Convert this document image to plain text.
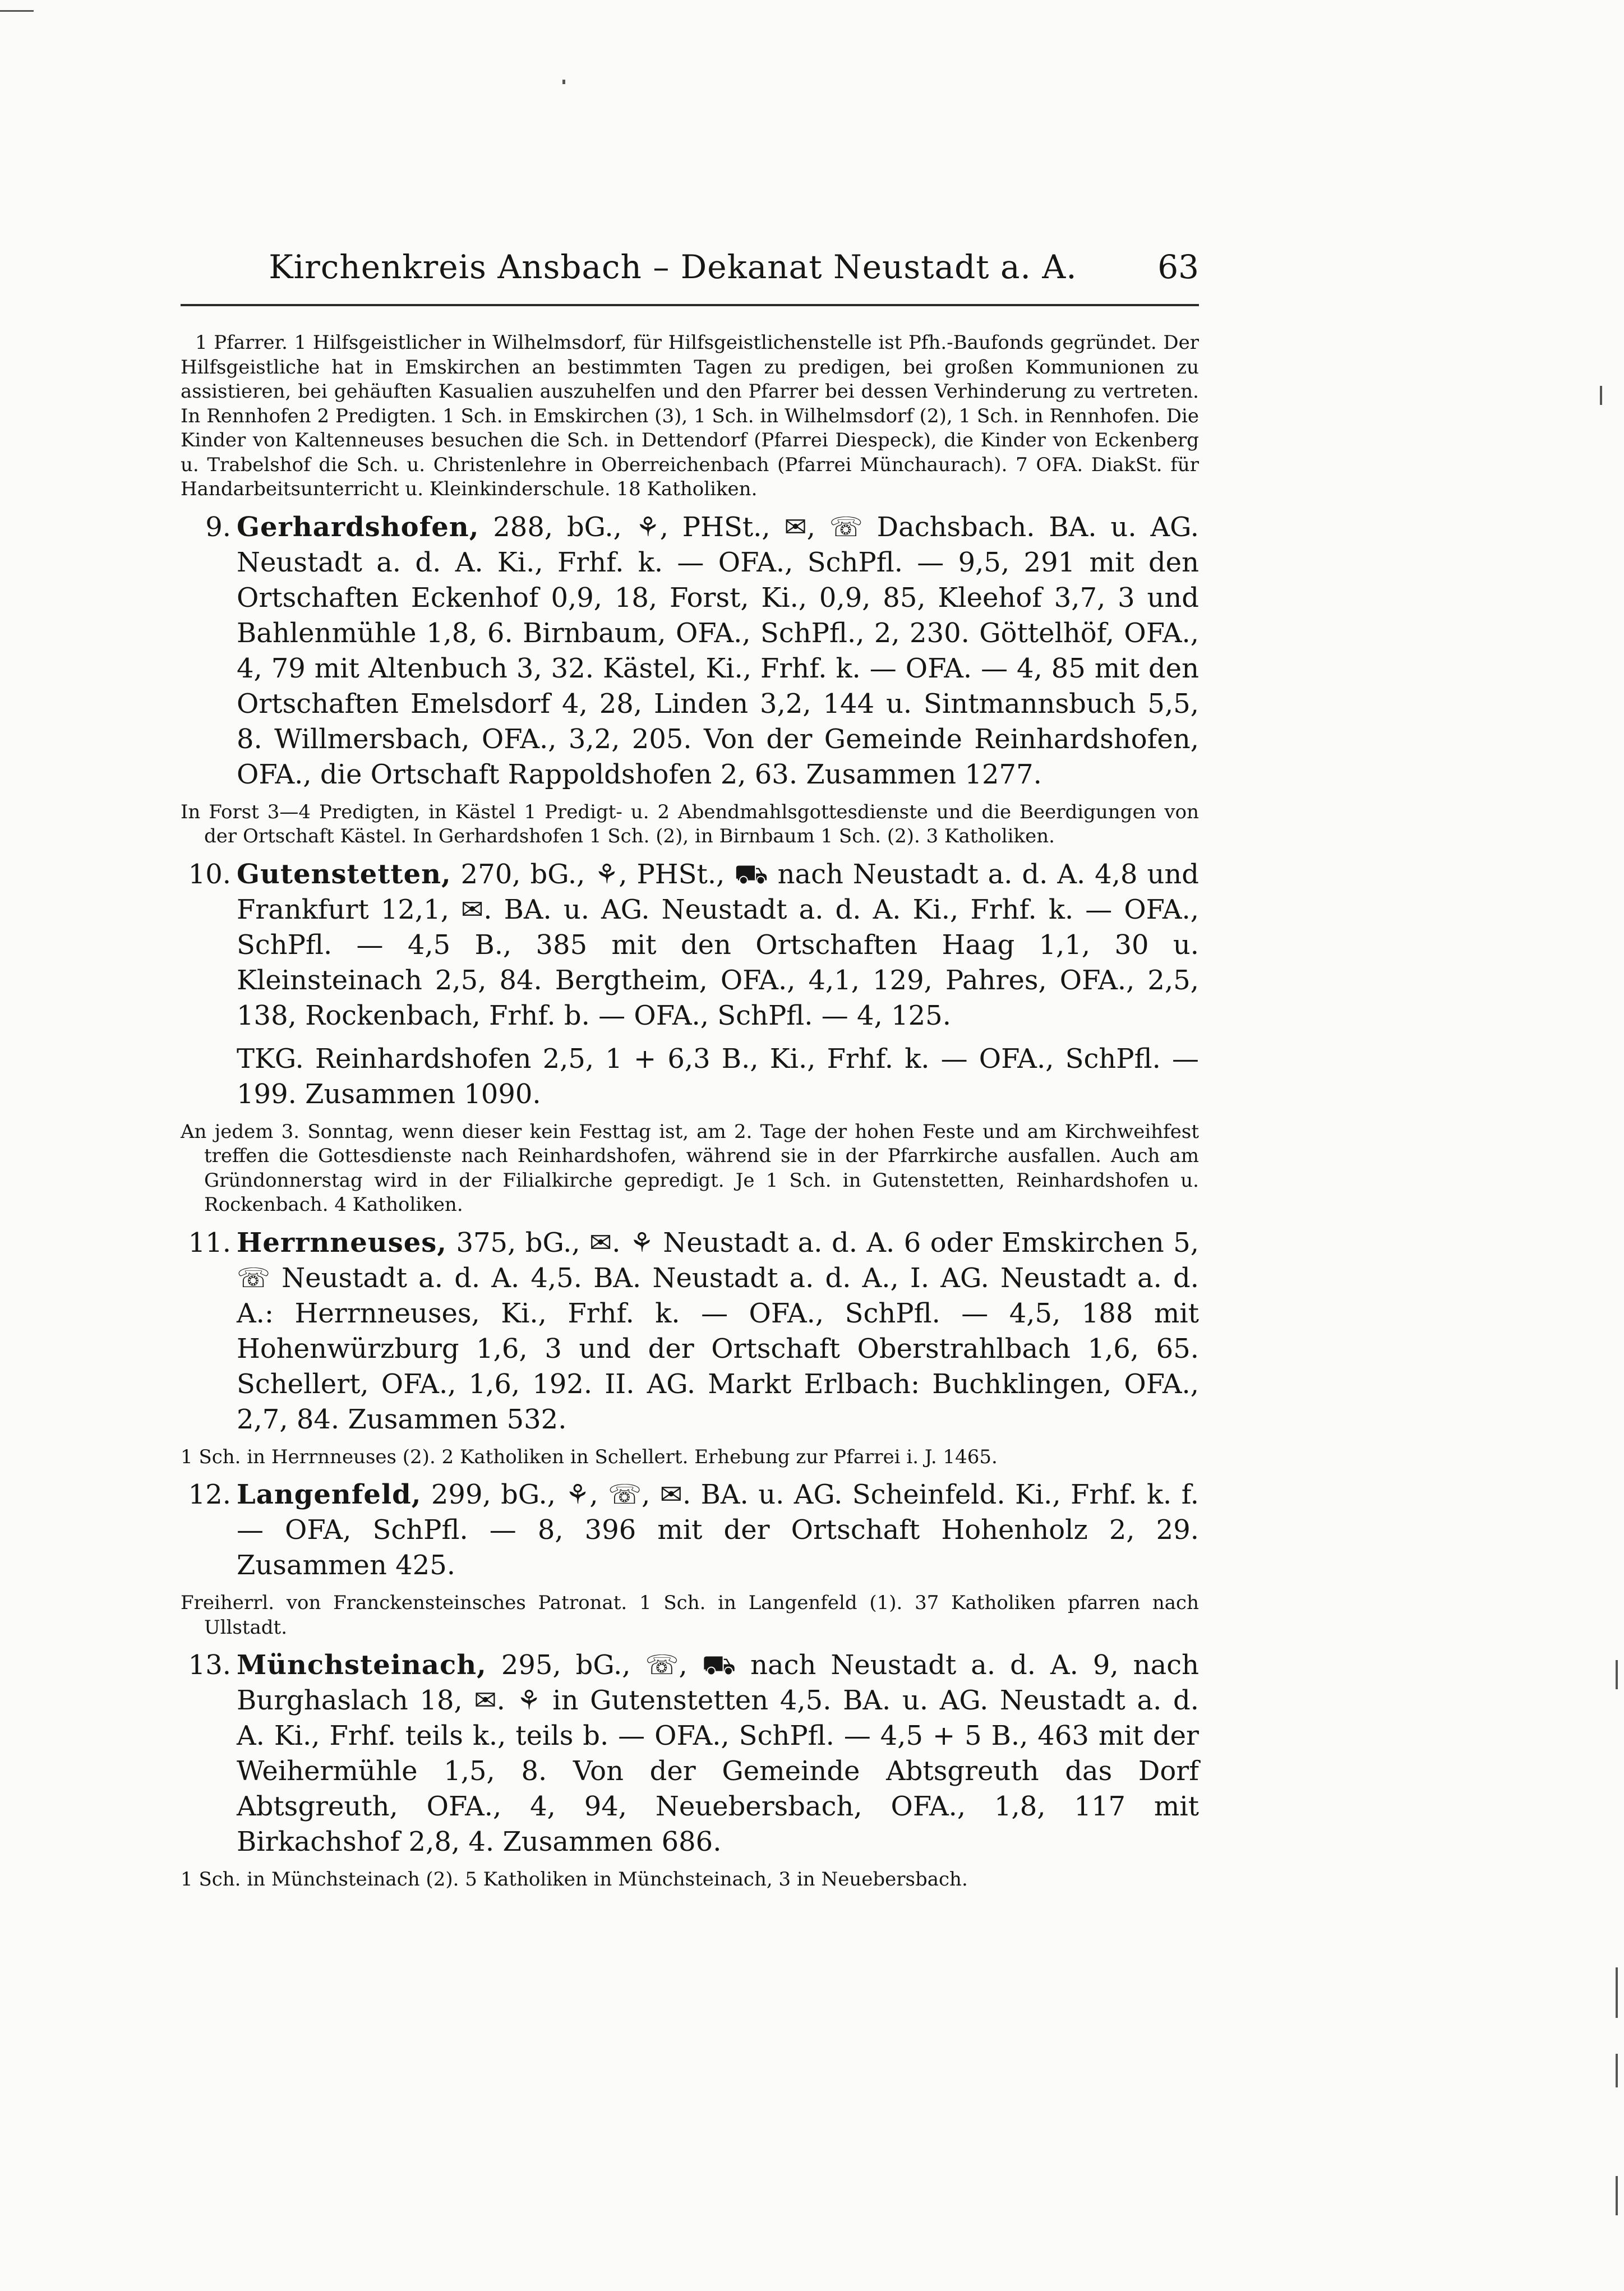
Kirchenkreis Ansbach – Dekanat Neustadt a. A. 63

1 Pfarrer. 1 Hilfsgeistlicher in Wilhelmsdorf, für Hilfsgeistlichenstelle ist Pfh.-Baufonds gegründet. Der Hilfsgeistliche hat in Emskirchen an bestimmten Tagen zu predigen, bei großen Kommunionen zu assistieren, bei gehäuften Kasualien auszuhelfen und den Pfarrer bei dessen Verhinderung zu vertreten. In Rennhofen 2 Predigten. 1 Sch. in Emskirchen (3), 1 Sch. in Wilhelmsdorf (2), 1 Sch. in Rennhofen. Die Kinder von Kaltenneuses besuchen die Sch. in Dettendorf (Pfarrei Diespeck), die Kinder von Eckenberg u. Trabelshof die Sch. u. Christenlehre in Oberreichenbach (Pfarrei Münchaurach). 7 OFA. DiakSt. für Handarbeitsunterricht u. Kleinkinderschule. 18 Katholiken.

9. Gerhardshofen, 288, bG., ⚘, PHSt., ✉, ☏ Dachsbach. BA. u. AG. Neustadt a. d. A. Ki., Frhf. k. — OFA., SchPfl. — 9,5, 291 mit den Ortschaften Eckenhof 0,9, 18, Forst, Ki., 0,9, 85, Kleehof 3,7, 3 und Bahlenmühle 1,8, 6. Birnbaum, OFA., SchPfl., 2, 230. Göttelhöf, OFA., 4, 79 mit Altenbuch 3, 32. Kästel, Ki., Frhf. k. — OFA. — 4, 85 mit den Ortschaften Emelsdorf 4, 28, Linden 3,2, 144 u. Sintmannsbuch 5,5, 8. Willmersbach, OFA., 3,2, 205. Von der Gemeinde Reinhardshofen, OFA., die Ortschaft Rappoldshofen 2, 63. Zusammen 1277.

In Forst 3—4 Predigten, in Kästel 1 Predigt- u. 2 Abendmahlsgottesdienste und die Beerdigungen von der Ortschaft Kästel. In Gerhardshofen 1 Sch. (2), in Birnbaum 1 Sch. (2). 3 Katholiken.

10. Gutenstetten, 270, bG., ⚘, PHSt., ⛟ nach Neustadt a. d. A. 4,8 und Frankfurt 12,1, ✉. BA. u. AG. Neustadt a. d. A. Ki., Frhf. k. — OFA., SchPfl. — 4,5 B., 385 mit den Ortschaften Haag 1,1, 30 u. Kleinsteinach 2,5, 84. Bergtheim, OFA., 4,1, 129, Pahres, OFA., 2,5, 138, Rockenbach, Frhf. b. — OFA., SchPfl. — 4, 125.

TKG. Reinhardshofen 2,5, 1 + 6,3 B., Ki., Frhf. k. — OFA., SchPfl. — 199. Zusammen 1090.

An jedem 3. Sonntag, wenn dieser kein Festtag ist, am 2. Tage der hohen Feste und am Kirchweihfest treffen die Gottesdienste nach Reinhardshofen, während sie in der Pfarrkirche ausfallen. Auch am Gründonnerstag wird in der Filialkirche gepredigt. Je 1 Sch. in Gutenstetten, Reinhardshofen u. Rockenbach. 4 Katholiken.

11. Herrnneuses, 375, bG., ✉. ⚘ Neustadt a. d. A. 6 oder Emskirchen 5, ☏ Neustadt a. d. A. 4,5. BA. Neustadt a. d. A., I. AG. Neustadt a. d. A.: Herrnneuses, Ki., Frhf. k. — OFA., SchPfl. — 4,5, 188 mit Hohenwürzburg 1,6, 3 und der Ortschaft Oberstrahlbach 1,6, 65. Schellert, OFA., 1,6, 192. II. AG. Markt Erlbach: Buchklingen, OFA., 2,7, 84. Zusammen 532.

1 Sch. in Herrnneuses (2). 2 Katholiken in Schellert. Erhebung zur Pfarrei i. J. 1465.

12. Langenfeld, 299, bG., ⚘, ☏, ✉. BA. u. AG. Scheinfeld. Ki., Frhf. k. f. — OFA, SchPfl. — 8, 396 mit der Ortschaft Hohenholz 2, 29. Zusammen 425.

Freiherrl. von Franckensteinsches Patronat. 1 Sch. in Langenfeld (1). 37 Katholiken pfarren nach Ullstadt.

13. Münchsteinach, 295, bG., ☏, ⛟ nach Neustadt a. d. A. 9, nach Burghaslach 18, ✉. ⚘ in Gutenstetten 4,5. BA. u. AG. Neustadt a. d. A. Ki., Frhf. teils k., teils b. — OFA., SchPfl. — 4,5 + 5 B., 463 mit der Weihermühle 1,5, 8. Von der Gemeinde Abtsgreuth das Dorf Abtsgreuth, OFA., 4, 94, Neuebersbach, OFA., 1,8, 117 mit Birkachshof 2,8, 4. Zusammen 686.

1 Sch. in Münchsteinach (2). 5 Katholiken in Münchsteinach, 3 in Neuebersbach.
